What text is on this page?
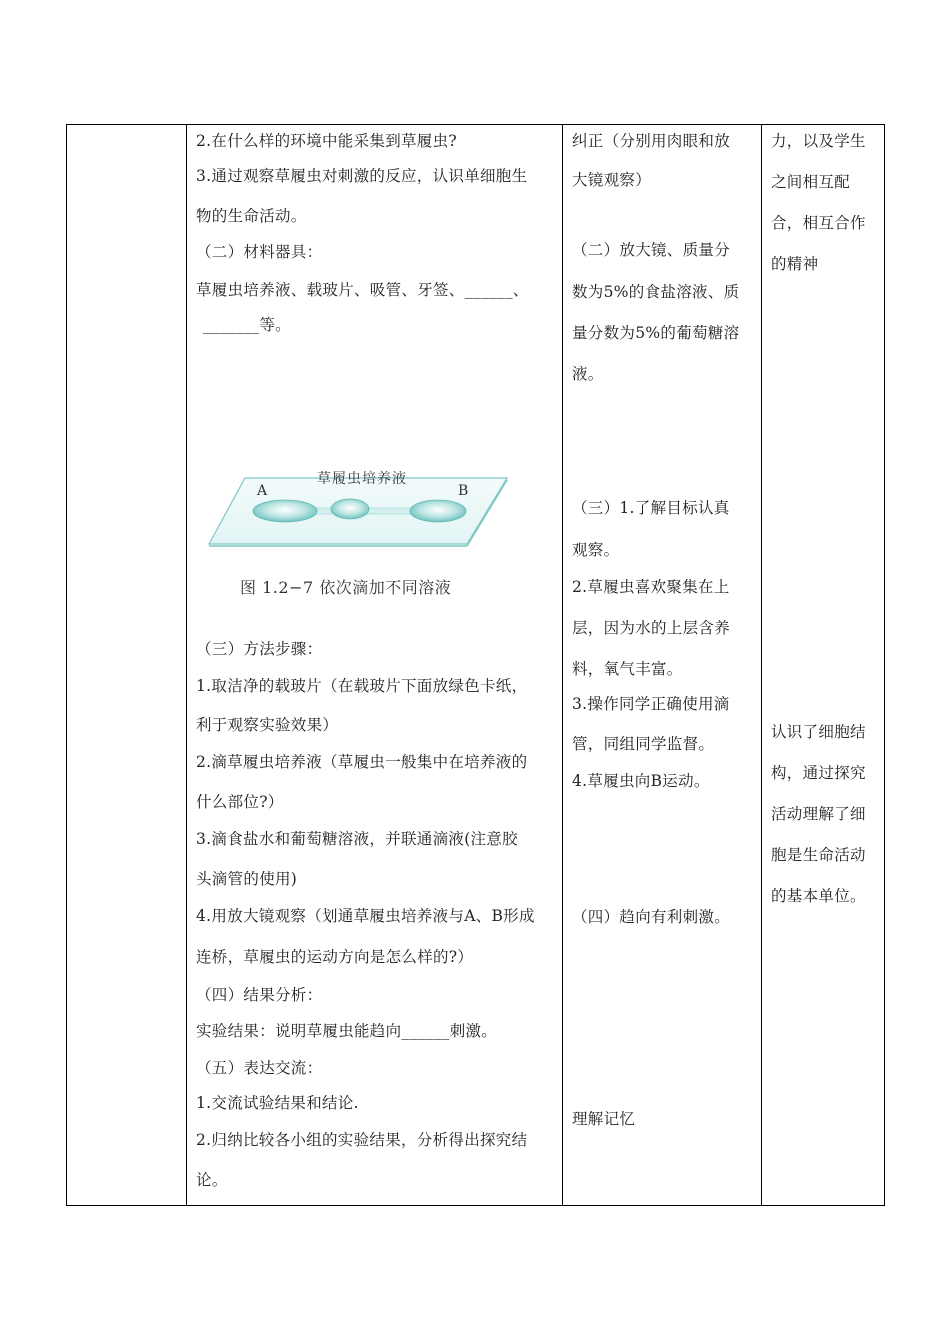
2.在什么样的环境中能采集到草履虫?
3.通过观察草履虫对刺激的反应，认识单细胞生
物的生命活动。
（二）材料器具：
草履虫培养液、载玻片、吸管、牙签、______、
_______等。
（三）方法步骤：
1.取洁净的载玻片（在载玻片下面放绿色卡纸，
利于观察实验效果）
2.滴草履虫培养液（草履虫一般集中在培养液的
什么部位?）
3.滴食盐水和葡萄糖溶液，并联通滴液(注意胶
头滴管的使用)
4.用放大镜观察（划通草履虫培养液与A、B形成
连桥，草履虫的运动方向是怎么样的?）
（四）结果分析：
实验结果：说明草履虫能趋向______刺激。
（五）表达交流：
1.交流试验结果和结论.
2.归纳比较各小组的实验结果，分析得出探究结
论。
草履虫培养液
A	B
图 1.2−7 依次滴加不同溶液
纠正（分别用肉眼和放
大镜观察）
（二）放大镜、质量分
数为5%的食盐溶液、质
量分数为5%的葡萄糖溶
液。
（三）1.了解目标认真
观察。
2.草履虫喜欢聚集在上
层，因为水的上层含养
料，氧气丰富。
3.操作同学正确使用滴
管，同组同学监督。
4.草履虫向B运动。
（四）趋向有利刺激。
理解记忆
力，以及学生
之间相互配
合，相互合作
的精神
认识了细胞结
构，通过探究
活动理解了细
胞是生命活动
的基本单位。
